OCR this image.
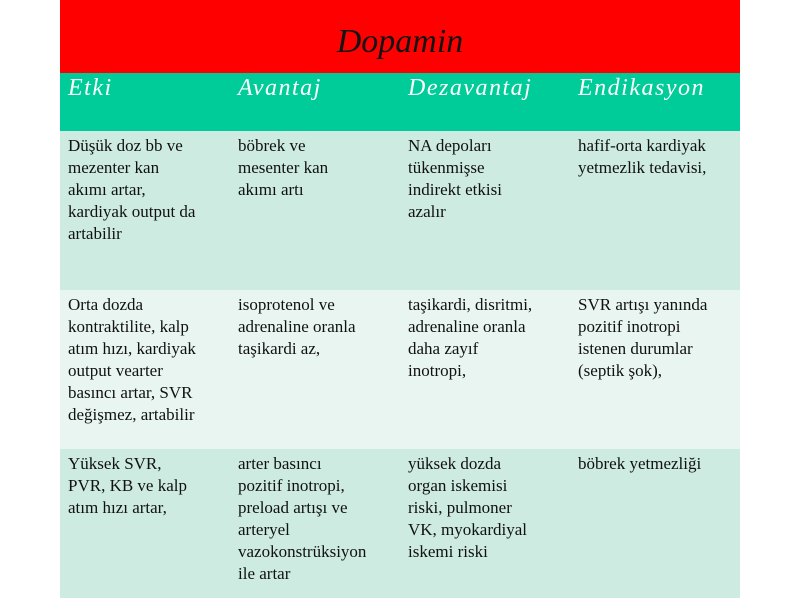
Dopamin
Etki	Avantaj	Dezavantaj Endikasyon
Düşük doz bb ve
mezenter kan
akımı artar,
kardiyak output da
artabilir
böbrek ve
mesenter kan
akımı artı
NA depoları
tükenmişse
indirekt etkisi
azalır
hafif-orta kardiyak
yetmezlik tedavisi,
Orta dozda
kontraktilite, kalp
atım hızı, kardiyak
output vearter
basıncı artar, SVR
değişmez, artabilir
isoprotenol ve
adrenaline oranla
taşikardi az,
taşikardi, disritmi,
adrenaline oranla
daha zayıf
inotropi,
SVR artışı yanında
pozitif inotropi
istenen durumlar
(septik şok),
Yüksek SVR,
PVR, KB ve kalp
atım hızı artar,
arter basıncı
pozitif inotropi,
preload artışı ve
arteryel
vazokonstrüksiyon
ile artar
yüksek dozda
organ iskemisi
riski, pulmoner
VK, myokardiyal
iskemi riski
böbrek yetmezliği
